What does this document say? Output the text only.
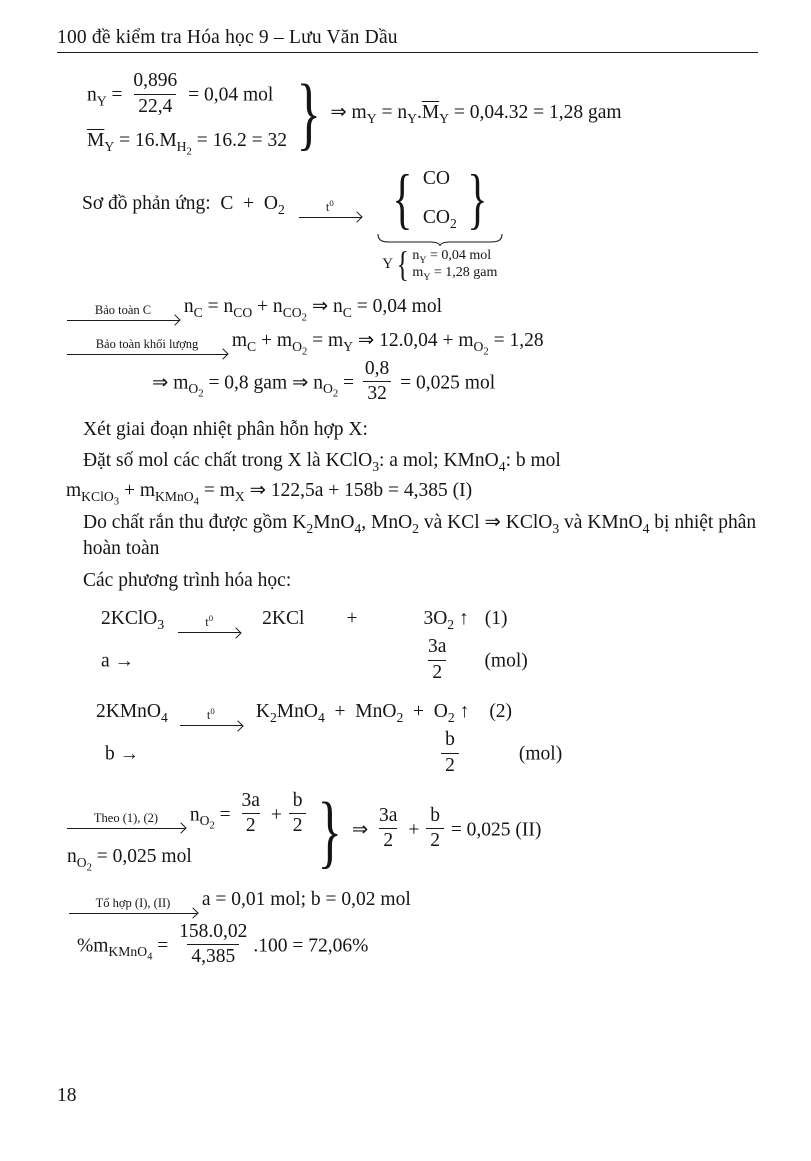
100 đề kiểm tra Hóa học 9 – Lưu Văn Dầu
$n_Y = \frac{0,896}{22,4} = 0,04$ mol
$\overline{M}_Y = 16.M_{H_2} = 16.2 = 32$ } ⇒ $m_Y = n_Y.\overline{M}_Y = 0,04.32 = 1,28$ gam
Sơ đồ phản ứng:  $C + O_2$	$t^0$ { CO
$CO_2$ }
Y { $n_Y = 0,04$ mol
$m_Y = 1,28$ gam
Bảo toàn C	$n_C = n_{CO} + n_{CO_2}$ ⇒ $n_C = 0,04$ mol
Bảo toàn khối lượng	$m_C + m_{O_2} = m_Y$ ⇒ $12.0,04 + m_{O_2} = 1,28$
⇒ $m_{O_2} = 0,8$ gam ⇒ $n_{O_2} = \frac{0,8}{32} = 0,025$ mol

Xét giai đoạn nhiệt phân hỗn hợp X:

Đặt số mol các chất trong X là KClO$_3$: a mol; KMnO$_4$: b mol
$m_{KClO_3} + m_{KMnO_4} = m_X$ ⇒ 122,5a + 158b = 4,385 (I)
Do chất rắn thu được gồm $K_2MnO_4$, MnO$_2$ và KCl ⇒ KClO$_3$ và KMnO$_4$ bị nhiệt phân hoàn toàn

Các phương trình hóa học:

2KClO$_3$	$t^0$	2KCl +	$3O_2$ ↑ (1)
a →	$\frac{3a}{2} (mol)$
2KMnO$_4$	$t^0$	$K_2MnO_4 + MnO_2 + O_2$ ↑ (2)
b →	$\frac{b}{2}$	(mol)
Theo (1), (2)	$n_{O_2} = \frac{3a}{2} + \frac{b}{2}$
$n_{O_2} = 0,025$ mol	} ⇒ $\frac{3a}{2} + \frac{b}{2} = 0,025$ (II)
Tổ hợp (I), (II)	a = 0,01 mol; b = 0,02 mol
$\%m_{KMnO_4} = \frac{158.0,02}{4,385} .100 = 72,06\%$
18
